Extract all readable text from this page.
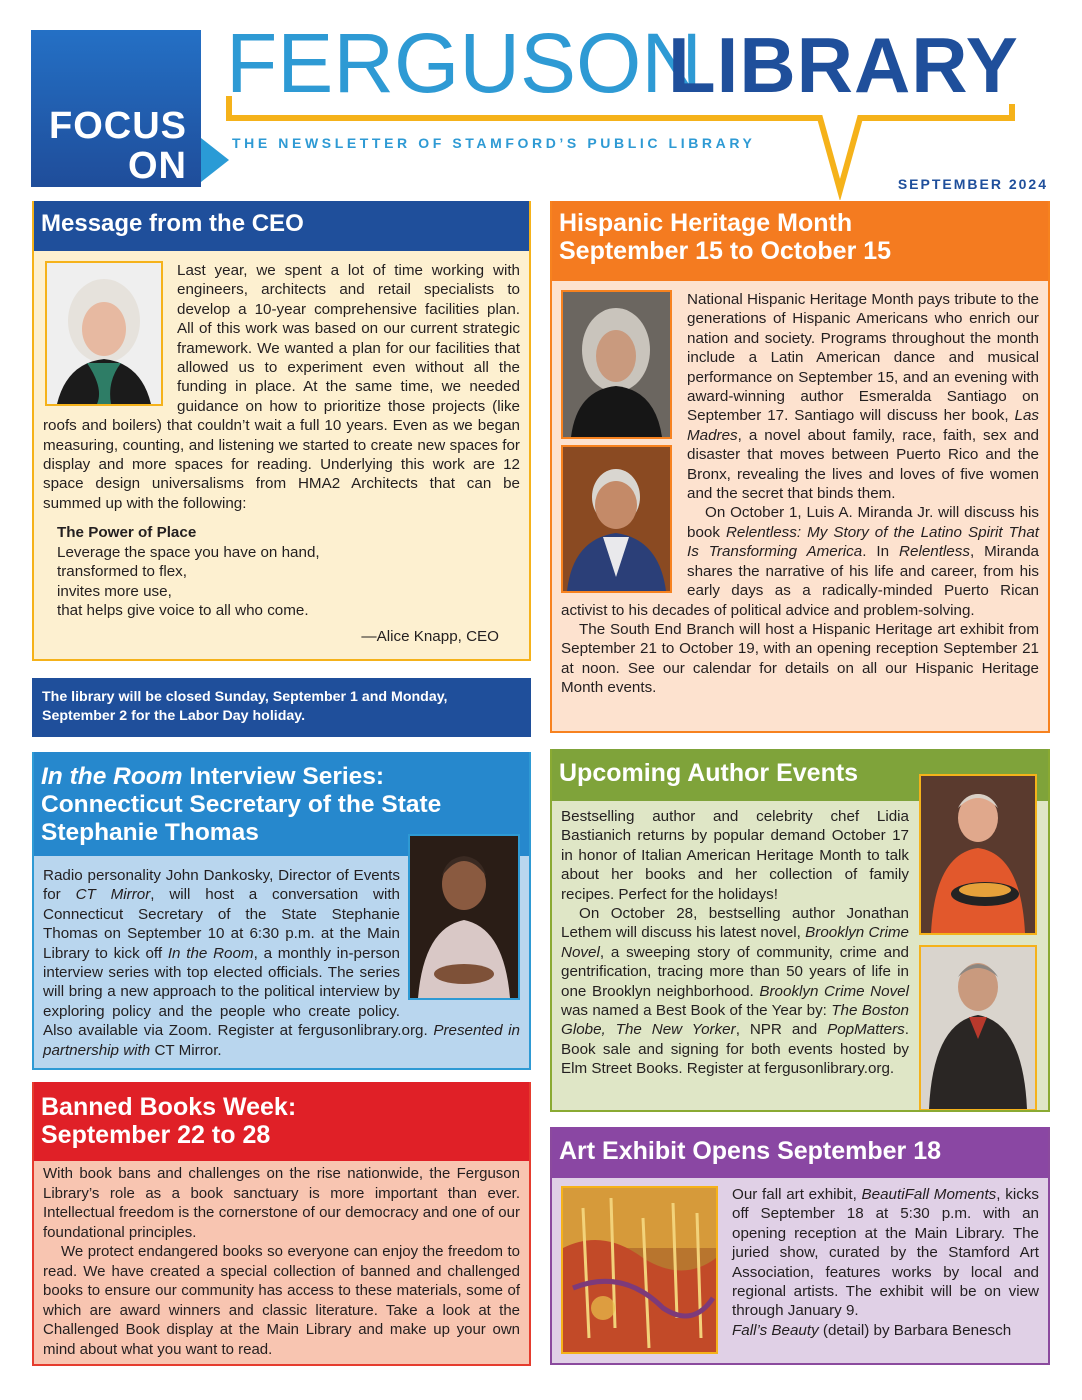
FOCUS
ON
FERGUSON
LIBRARY
THE NEWSLETTER OF STAMFORD’S PUBLIC LIBRARY
SEPTEMBER 2024
Message from the CEO

Last year, we spent a lot of time working with engineers, architects and retail specialists to develop a 10-year comprehensive facilities plan. All of this work was based on our current strategic framework. We wanted a plan for our facilities that allowed us to experiment even without all the funding in place. At the same time, we needed guidance on how to prioritize those projects (like roofs and boilers) that couldn’t wait a full 10 years. Even as we began measuring, counting, and listening we started to create new spaces for display and more spaces for reading. Underlying this work are 12 space design universalisms from HMA2 Architects that can be summed up with the following:

The Power of Place
Leverage the space you have on hand,
transformed to flex,
invites more use,
that helps give voice to all who come.
—Alice Knapp, CEO
The library will be closed Sunday, September 1 and Monday, September 2 for the Labor Day holiday.
In the Room Interview Series:
Connecticut Secretary of the State
Stephanie Thomas

Radio personality John Dankosky, Director of Events for CT Mirror, will host a conversation with Connecticut Secretary of the State Stephanie Thomas on September 10 at 6:30 p.m. at the Main Library to kick off In the Room, a monthly in-person interview series with top elected officials. The series will bring a new approach to the political interview by exploring policy and the people who create policy. Also available via Zoom. Register at fergusonlibrary.org. Presented in partnership with CT Mirror.

Banned Books Week:
September 22 to 28

With book bans and challenges on the rise nationwide, the Ferguson Library’s role as a book sanctuary is more important than ever. Intellectual freedom is the cornerstone of our democracy and one of our foundational principles.

We protect endangered books so everyone can enjoy the freedom to read. We have created a special collection of banned and challenged books to ensure our community has access to these materials, some of which are award winners and classic literature. Take a look at the Challenged Book display at the Main Library and make up your own mind about what you want to read.

Hispanic Heritage Month
September 15 to October 15

National Hispanic Heritage Month pays tribute to the generations of Hispanic Americans who enrich our nation and society. Programs throughout the month include a Latin American dance and musical performance on September 15, and an evening with award-winning author Esmeralda Santiago on September 17. Santiago will discuss her book, Las Madres, a novel about family, race, faith, sex and disaster that moves between Puerto Rico and the Bronx, revealing the lives and loves of five women and the secret that binds them.

On October 1, Luis A. Miranda Jr. will discuss his book Relentless: My Story of the Latino Spirit That Is Transforming America. In Relentless, Miranda shares the narrative of his life and career, from his early days as a radically-minded Puerto Rican activist to his decades of political advice and problem-solving.

The South End Branch will host a Hispanic Heritage art exhibit from September 21 to October 19, with an opening reception September 21 at noon. See our calendar for details on all our Hispanic Heritage Month events.

Upcoming Author Events

Bestselling author and celebrity chef Lidia Bastianich returns by popular demand October 17 in honor of Italian American Heritage Month to talk about her books and her collection of family recipes. Perfect for the holidays!

On October 28, bestselling author Jonathan Lethem will discuss his latest novel, Brooklyn Crime Novel, a sweeping story of community, crime and gentrification, tracing more than 50 years of life in one Brooklyn neighborhood. Brooklyn Crime Novel was named a Best Book of the Year by: The Boston Globe, The New Yorker, NPR and PopMatters. Book sale and signing for both events hosted by Elm Street Books. Register at fergusonlibrary.org.

Art Exhibit Opens September 18

Our fall art exhibit, BeautiFall Moments, kicks off September 18 at 5:30 p.m. with an opening reception at the Main Library. The juried show, curated by the Stamford Art Association, features works by local and regional artists. The exhibit will be on view through January 9.

Fall’s Beauty (detail) by Barbara Benesch
